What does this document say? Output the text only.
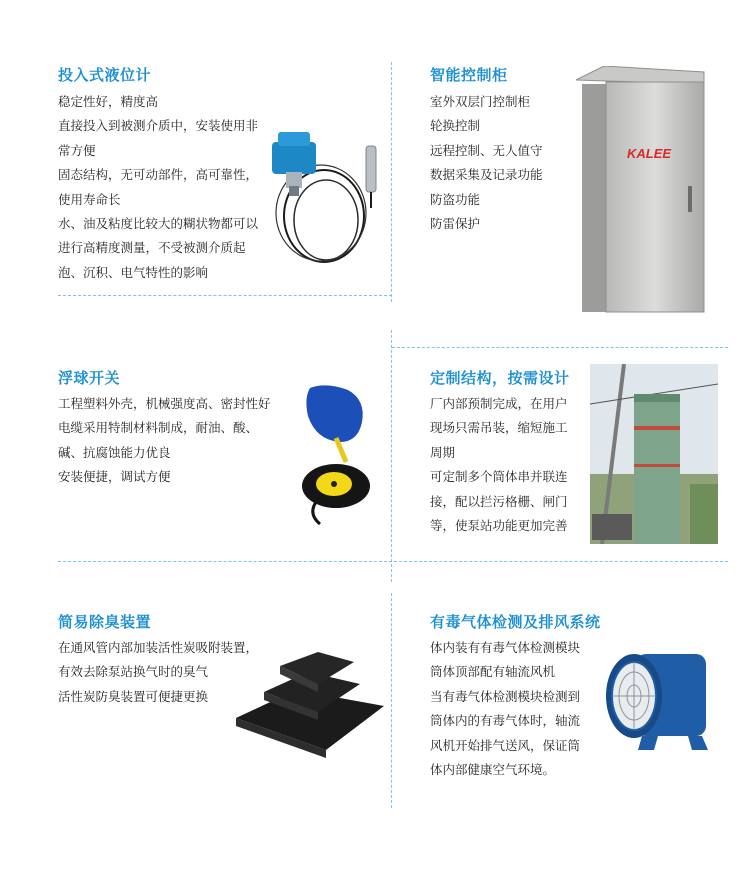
投入式液位计
稳定性好，精度高
直接投入到被测介质中，安装使用非
常方便
固态结构，无可动部件，高可靠性，
使用寿命长
水、油及粘度比较大的糊状物都可以
进行高精度测量，不受被测介质起
泡、沉积、电气特性的影响
智能控制柜
室外双层门控制柜
轮换控制
远程控制、无人值守
数据采集及记录功能
防盗功能
防雷保护
KALEE
浮球开关
工程塑料外壳，机械强度高、密封性好
电缆采用特制材料制成，耐油、酸、
碱、抗腐蚀能力优良
安装便捷，调试方便
定制结构，按需设计
厂内部预制完成，在用户
现场只需吊装，缩短施工
周期
可定制多个筒体串并联连
接，配以拦污格栅、闸门
等，使泵站功能更加完善
简易除臭装置
在通风管内部加装活性炭吸附装置，
有效去除泵站换气时的臭气
活性炭防臭装置可便捷更换
有毒气体检测及排风系统
体内装有有毒气体检测模块
筒体顶部配有轴流风机
当有毒气体检测模块检测到
筒体内的有毒气体时，轴流
风机开始排气送风，保证筒
体内部健康空气环境。
